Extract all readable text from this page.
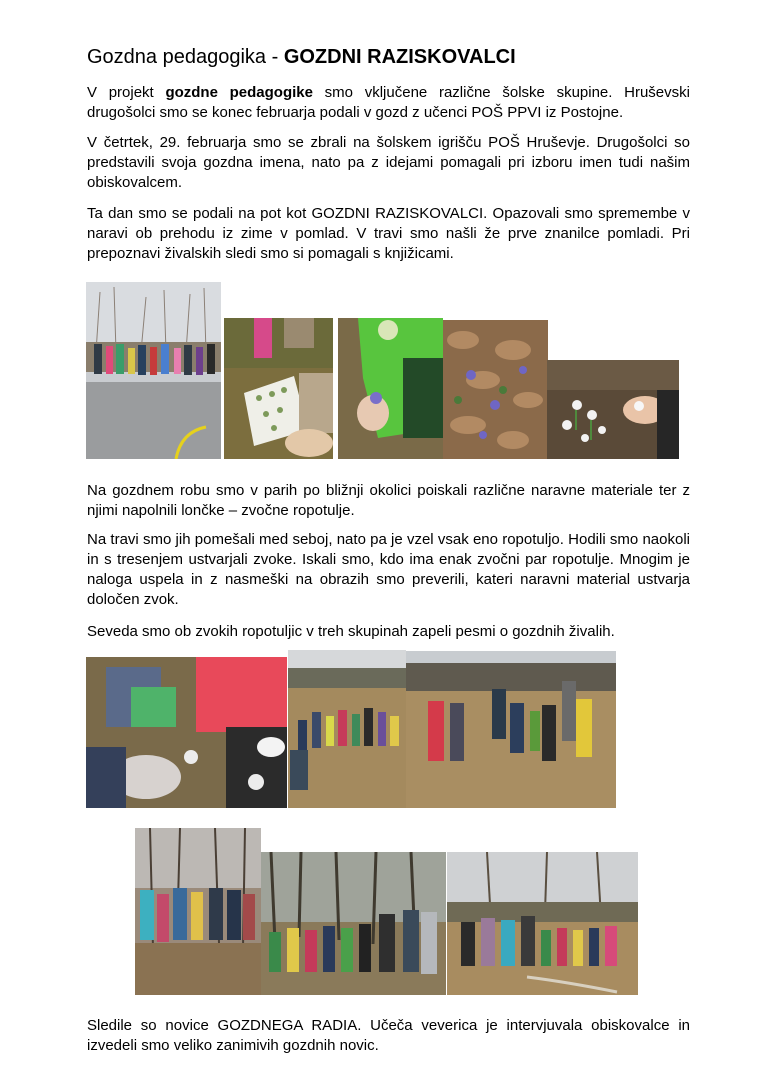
Gozdna pedagogika - GOZDNI RAZISKOVALCI
V projekt gozdne pedagogike smo vključene različne šolske skupine. Hruševski drugošolci smo se konec februarja podali v gozd z učenci POŠ PPVI iz Postojne.
V četrtek, 29. februarja smo se zbrali na šolskem igrišču POŠ Hruševje. Drugošolci so predstavili svoja gozdna imena, nato pa z idejami pomagali pri izboru imen tudi našim obiskovalcem.
Ta dan smo se podali na pot kot GOZDNI RAZISKOVALCI. Opazovali smo spremembe v naravi ob prehodu iz zime v pomlad. V travi smo našli že prve znanilce pomladi. Pri prepoznavi živalskih sledi smo si pomagali s knjižicami.
Na gozdnem robu smo v parih po bližnji okolici poiskali različne naravne materiale ter z njimi napolnili lončke – zvočne ropotulje.
Na travi smo jih pomešali med seboj, nato pa je vzel vsak eno ropotuljo. Hodili smo naokoli in s tresenjem ustvarjali zvoke. Iskali smo, kdo ima enak zvočni par ropotulje. Mnogim je naloga uspela in z nasmeški na obrazih smo preverili, kateri naravni material ustvarja določen zvok.
Seveda smo ob zvokih ropotuljic v treh skupinah zapeli pesmi o gozdnih živalih.
Sledile so novice GOZDNEGA RADIA. Učeča veverica je intervjuvala obiskovalce in izvedeli smo veliko zanimivih gozdnih novic.
